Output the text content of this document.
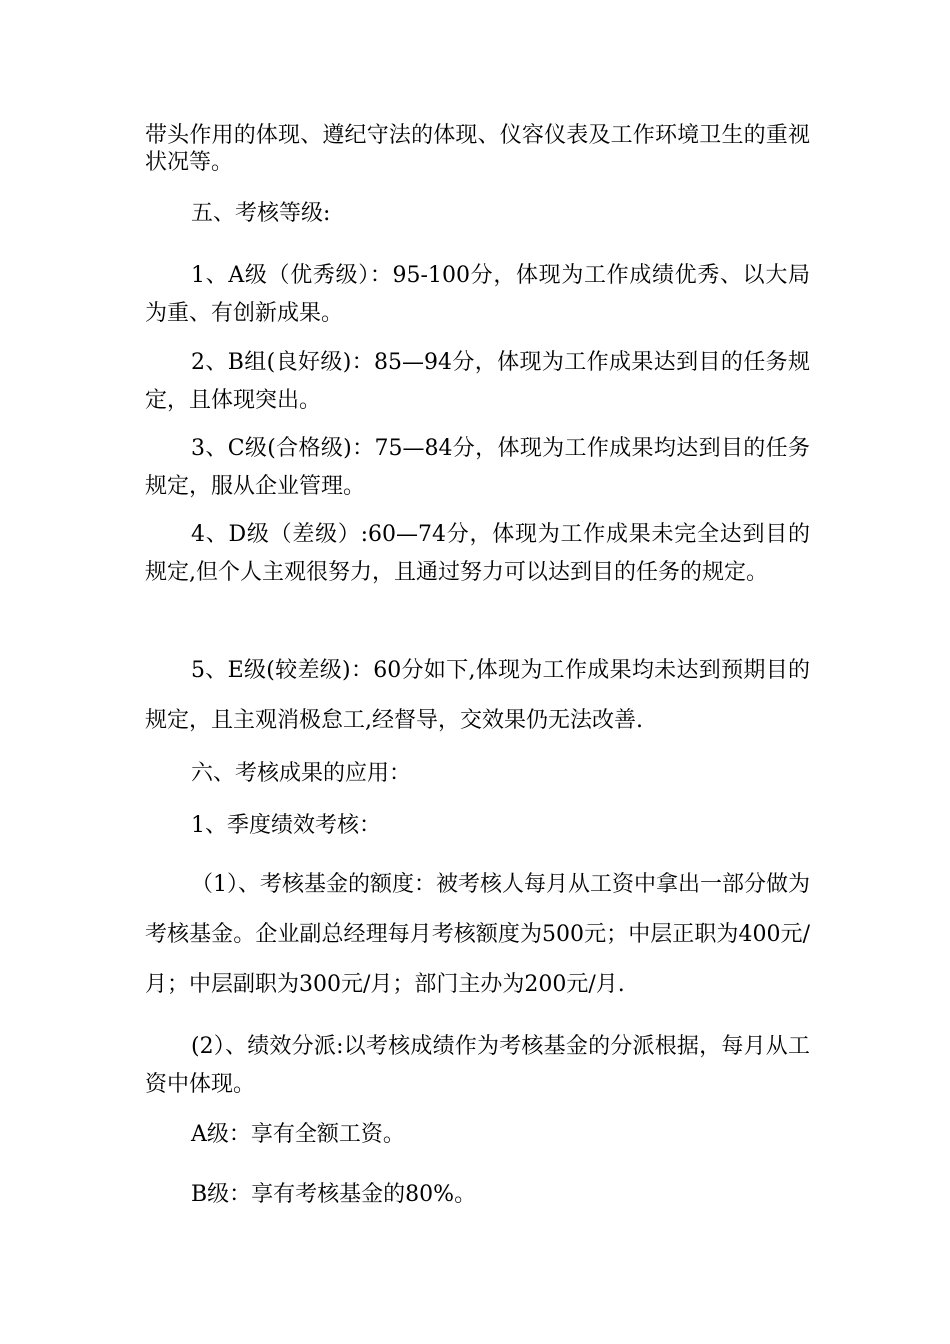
带头作用的体现、遵纪守法的体现、仪容仪表及工作环境卫生的重视状况等。

五、考核等级:

1、A级（优秀级）：95-100分，体现为工作成绩优秀、以大局为重、有创新成果。

2、B组(良好级)：85—94分，体现为工作成果达到目的任务规定，且体现突出。

3、C级(合格级)：75—84分，体现为工作成果均达到目的任务规定，服从企业管理。

4、D级（差级）:60—74分，体现为工作成果未完全达到目的规定,但个人主观很努力，且通过努力可以达到目的任务的规定。

5、E级(较差级)：60分如下,体现为工作成果均未达到预期目的规定，且主观消极怠工,经督导，交效果仍无法改善.

六、考核成果的应用：

1、季度绩效考核：

（1）、考核基金的额度：被考核人每月从工资中拿出一部分做为考核基金。企业副总经理每月考核额度为500元；中层正职为400元/月；中层副职为300元/月；部门主办为200元/月.

(2）、绩效分派:以考核成绩作为考核基金的分派根据，每月从工资中体现。

A级：享有全额工资。

B级：享有考核基金的80%。
